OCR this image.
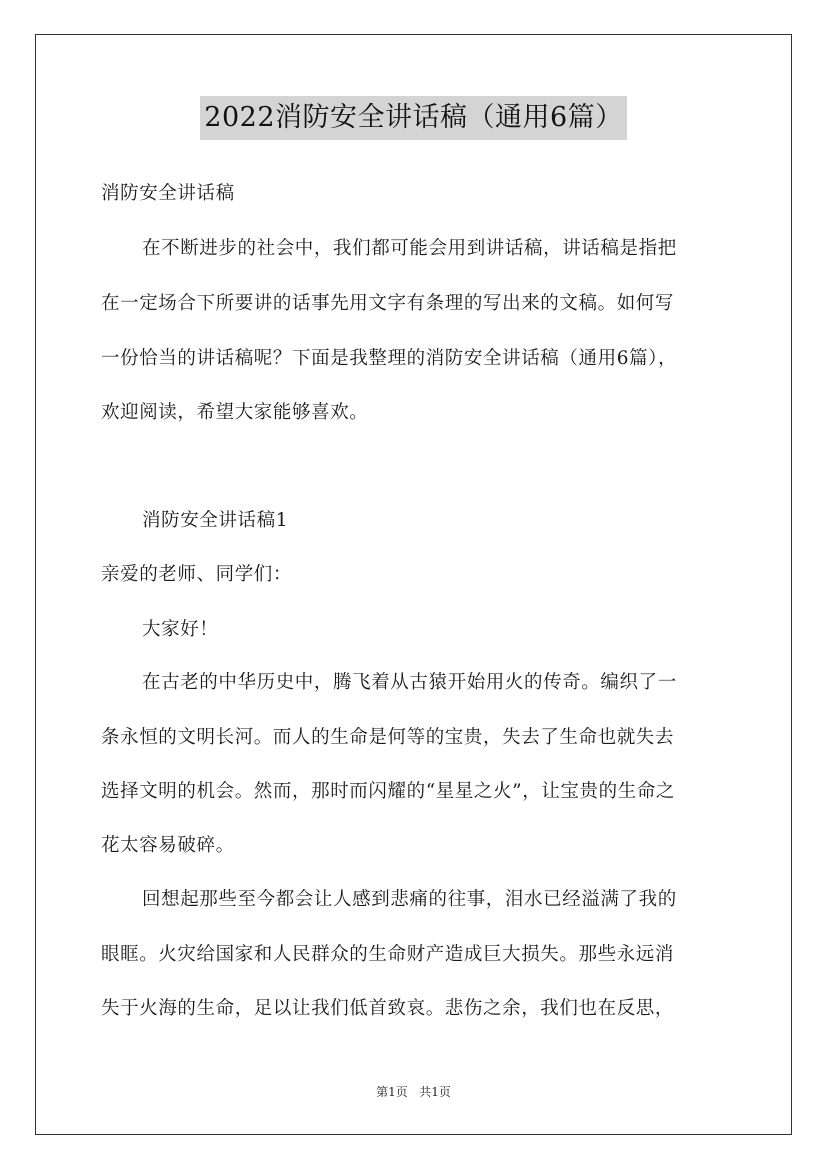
2022消防安全讲话稿（通用6篇）
消防安全讲话稿
在不断进步的社会中，我们都可能会用到讲话稿，讲话稿是指把
在一定场合下所要讲的话事先用文字有条理的写出来的文稿。如何写
一份恰当的讲话稿呢？下面是我整理的消防安全讲话稿（通用6篇），
欢迎阅读，希望大家能够喜欢。
消防安全讲话稿1
亲爱的老师、同学们：
大家好！
在古老的中华历史中，腾飞着从古猿开始用火的传奇。编织了一
条永恒的文明长河。而人的生命是何等的宝贵，失去了生命也就失去
选择文明的机会。然而，那时而闪耀的“星星之火”，让宝贵的生命之
花太容易破碎。
回想起那些至今都会让人感到悲痛的往事，泪水已经溢满了我的
眼眶。火灾给国家和人民群众的生命财产造成巨大损失。那些永远消
失于火海的生命，足以让我们低首致哀。悲伤之余，我们也在反思，
第1页 共1页
